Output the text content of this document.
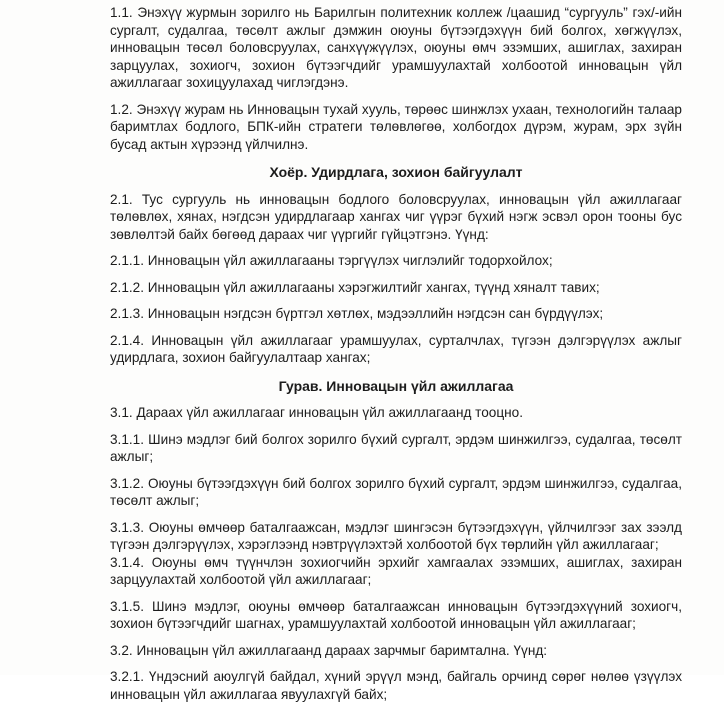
1.1. Энэхүү журмын зорилго нь Барилгын политехник коллеж /цаашид “сургууль” гэх/-ийн сургалт, судалгаа, төсөлт ажлыг дэмжин оюуны бүтээгдэхүүн бий болгох, хөгжүүлэх, инновацын төсөл боловсруулах, санхүүжүүлэх, оюуны өмч эзэмших, ашиглах, захиран зарцуулах, зохиогч, зохион бүтээгчдийг урамшуулахтай холбоотой инновацын үйл ажиллагааг зохицуулахад чиглэгдэнэ.

1.2. Энэхүү журам нь Инновацын тухай хууль, төрөөс шинжлэх ухаан, технологийн талаар баримтлах бодлого, БПК-ийн стратеги төлөвлөгөө, холбогдох дүрэм, журам, эрх зүйн бусад актын хүрээнд үйлчилнэ.

Хоёр. Удирдлага, зохион байгуулалт

2.1. Тус сургууль нь инновацын бодлого боловсруулах, инновацын үйл ажиллагааг төлөвлөх, хянах, нэгдсэн удирдлагаар хангах чиг үүрэг бүхий нэгж эсвэл орон тооны бус зөвлөлтэй байх бөгөөд дараах чиг үүргийг гүйцэтгэнэ. Үүнд:

2.1.1. Инновацын үйл ажиллагааны тэргүүлэх чиглэлийг тодорхойлох;

2.1.2. Инновацын үйл ажиллагааны хэрэгжилтийг хангах, түүнд хяналт тавих;

2.1.3. Инновацын нэгдсэн бүртгэл хөтлөх, мэдээллийн нэгдсэн сан бүрдүүлэх;

2.1.4. Инновацын үйл ажиллагааг урамшуулах, сурталчлах, түгээн дэлгэрүүлэх ажлыг удирдлага, зохион байгуулалтаар хангах;

Гурав. Инновацын үйл ажиллагаа

3.1. Дараах үйл ажиллагааг инновацын үйл ажиллагаанд тооцно.

3.1.1. Шинэ мэдлэг бий болгох зорилго бүхий сургалт, эрдэм шинжилгээ, судалгаа, төсөлт ажлыг;

3.1.2. Оюуны бүтээгдэхүүн бий болгох зорилго бүхий сургалт, эрдэм шинжилгээ, судалгаа, төсөлт ажлыг;

3.1.3. Оюуны өмчөөр баталгаажсан, мэдлэг шингэсэн бүтээгдэхүүн, үйлчилгээг зах зээлд түгээн дэлгэрүүлэх, хэрэглээнд нэвтрүүлэхтэй холбоотой бүх төрлийн үйл ажиллагааг;

3.1.4. Оюуны өмч түүнчлэн зохиогчийн эрхийг хамгаалах эзэмших, ашиглах, захиран зарцуулахтай холбоотой үйл ажиллагааг;

3.1.5. Шинэ мэдлэг, оюуны өмчөөр баталгаажсан инновацын бүтээгдэхүүний зохиогч, зохион бүтээгчдийг шагнах, урамшуулахтай холбоотой инновацын үйл ажиллагааг;

3.2. Инновацын үйл ажиллагаанд дараах зарчмыг баримтална. Үүнд:

3.2.1. Үндэсний аюулгүй байдал, хүний эрүүл мэнд, байгаль орчинд сөрөг нөлөө үзүүлэх инновацын үйл ажиллагаа явуулахгүй байх;
